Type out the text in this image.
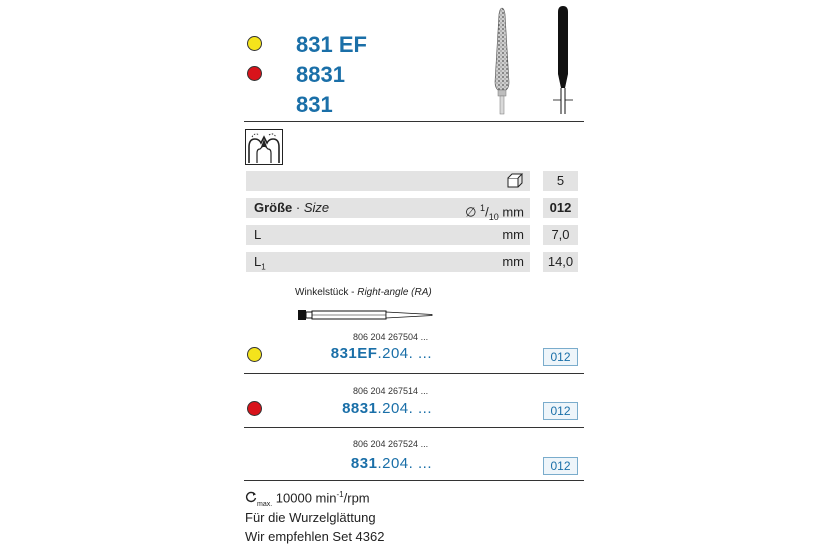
831 EF
8831
831
5
Größe · Size	∅ $^1/_{10}$ mm	012
L	mm	7,0
$L_1$	mm	14,0
Winkelstück - Right-angle (RA)
806 204 267504 ...
831EF.204. ...	012
806 204 267514 ...
8831.204. ...	012
806 204 267524 ...
831.204. ...	012
$_{max.}$ 10000 $\min^{-1}$/rpm
Für die Wurzelglättung
Wir empfehlen Set 4362
